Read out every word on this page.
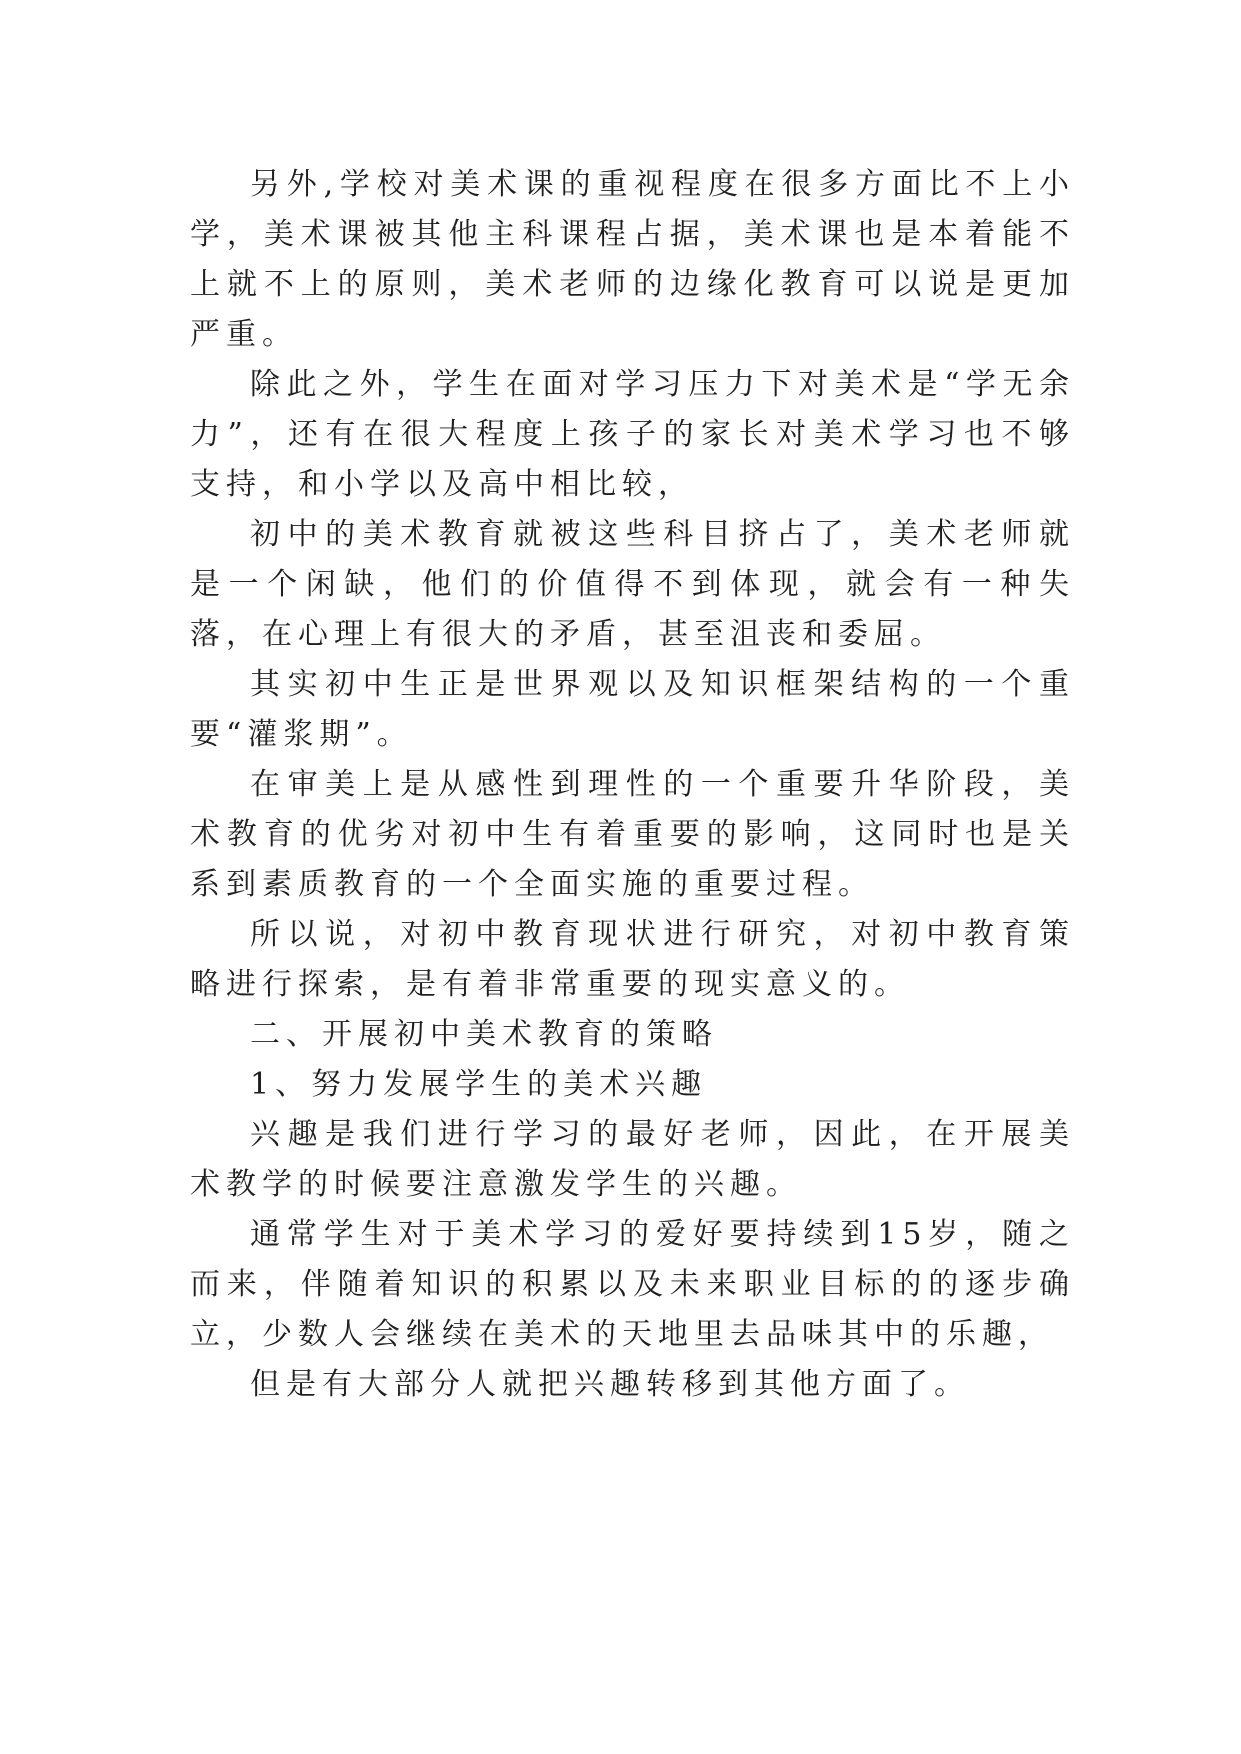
另外,学校对美术课的重视程度在很多方面比不上小学，美术课被其他主科课程占据，美术课也是本着能不上就不上的原则，美术老师的边缘化教育可以说是更加严重。

除此之外，学生在面对学习压力下对美术是“学无余力”，还有在很大程度上孩子的家长对美术学习也不够支持，和小学以及高中相比较，

初中的美术教育就被这些科目挤占了，美术老师就是一个闲缺，他们的价值得不到体现，就会有一种失落，在心理上有很大的矛盾，甚至沮丧和委屈。

其实初中生正是世界观以及知识框架结构的一个重要“灌浆期”。

在审美上是从感性到理性的一个重要升华阶段，美术教育的优劣对初中生有着重要的影响，这同时也是关系到素质教育的一个全面实施的重要过程。

所以说，对初中教育现状进行研究，对初中教育策略进行探索，是有着非常重要的现实意义的。

二、开展初中美术教育的策略

1、努力发展学生的美术兴趣

兴趣是我们进行学习的最好老师，因此，在开展美术教学的时候要注意激发学生的兴趣。

通常学生对于美术学习的爱好要持续到15岁，随之而来，伴随着知识的积累以及未来职业目标的的逐步确立，少数人会继续在美术的天地里去品味其中的乐趣，

但是有大部分人就把兴趣转移到其他方面了。
